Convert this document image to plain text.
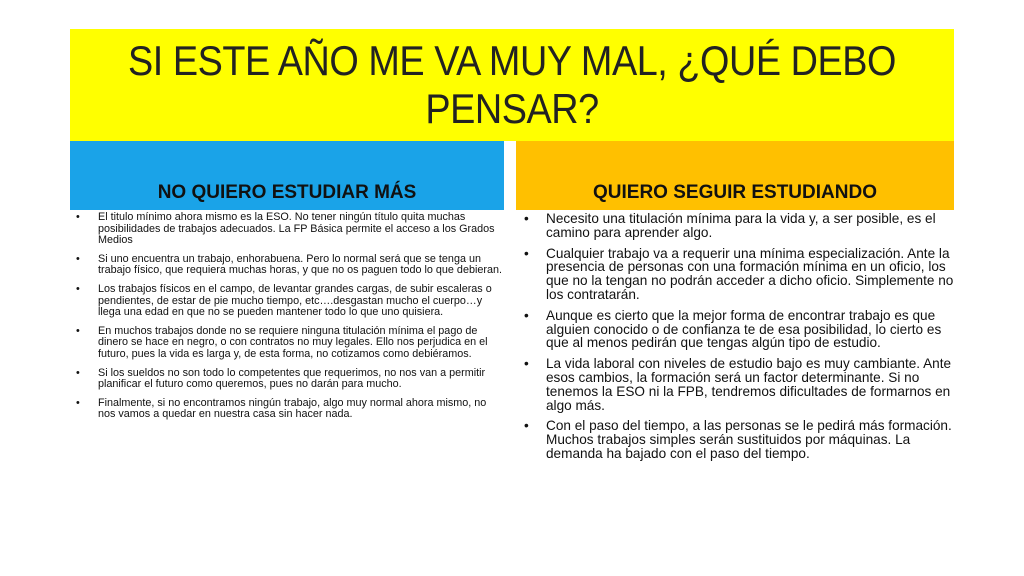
SI ESTE AÑO ME VA MUY MAL, ¿QUÉ DEBO PENSAR?
NO QUIERO ESTUDIAR MÁS	QUIERO SEGUIR ESTUDIANDO
• El titulo mínimo ahora mismo es la ESO. No tener ningún título quita muchas posibilidades de trabajos adecuados. La FP Básica permite el acceso a los Grados Medios
• Si uno encuentra un trabajo, enhorabuena. Pero lo normal será que se tenga un trabajo físico, que requiera muchas horas, y que no os paguen todo lo que debieran.
• Los trabajos físicos en el campo, de levantar grandes cargas, de subir escaleras o pendientes, de estar de pie mucho tiempo, etc….desgastan mucho el cuerpo…y llega una edad en que no se pueden mantener todo lo que uno quisiera.
• En muchos trabajos donde no se requiere ninguna titulación mínima el pago de dinero se hace en negro, o con contratos no muy legales. Ello nos perjudica en el futuro, pues la vida es larga y, de esta forma, no cotizamos como debiéramos.
• Si los sueldos no son todo lo competentes que requerimos, no nos van a permitir planificar el futuro como queremos, pues no darán para mucho.
• Finalmente, si no encontramos ningún trabajo, algo muy normal ahora mismo, no nos vamos a quedar en nuestra casa sin hacer nada.
• Necesito una titulación mínima para la vida y, a ser posible, es el camino para aprender algo.
• Cualquier trabajo va a requerir una mínima especialización. Ante la presencia de personas con una formación mínima en un oficio, los que no la tengan no podrán acceder a dicho oficio. Simplemente no los contratarán.
• Aunque es cierto que la mejor forma de encontrar trabajo es que alguien conocido o de confianza te de esa posibilidad, lo cierto es que al menos pedirán que tengas algún tipo de estudio.
• La vida laboral con niveles de estudio bajo es muy cambiante. Ante esos cambios, la formación será un factor determinante. Si no tenemos la ESO ni la FPB, tendremos dificultades de formarnos en algo más.
• Con el paso del tiempo, a las personas se le pedirá más formación. Muchos trabajos simples serán sustituidos por máquinas. La demanda ha bajado con el paso del tiempo.
